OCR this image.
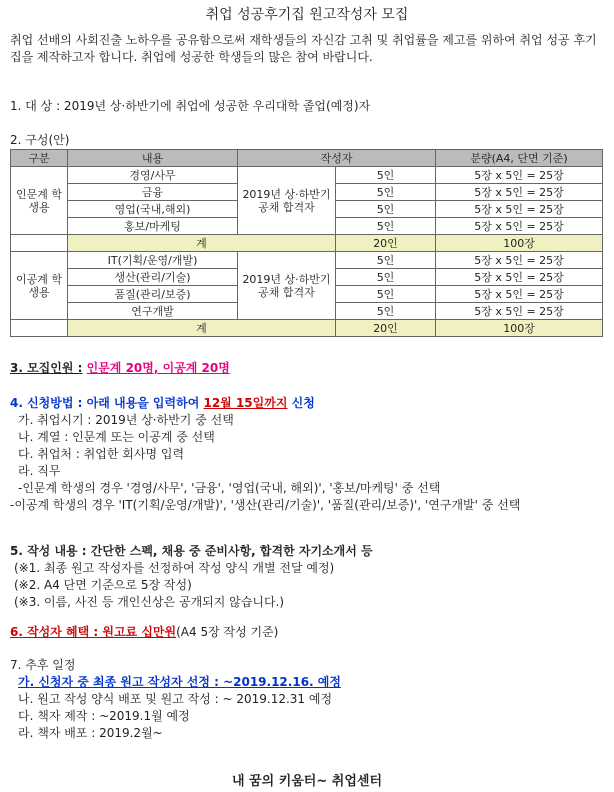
취업 성공후기집 원고작성자 모집
취업 선배의 사회진출 노하우를 공유함으로써 재학생들의 자신감 고취 및 취업률을 제고를 위하여 취업 성공 후기집을 제작하고자 합니다. 취업에 성공한 학생들의 많은 참여 바랍니다.
1. 대 상 : 2019년 상·하반기에 취업에 성공한 우리대학 졸업(예정)자
2. 구성(안)
구분	내용	작성자		분량(A4, 단면 기준)
인문계 학생용	경영/사무	2019년 상·하반기 공채 합격자	5인	5장 x 5인 = 25장
	금융		5인	5장 x 5인 = 25장
	영업(국내,해외)		5인	5장 x 5인 = 25장
	홍보/마케팅		5인	5장 x 5인 = 25장
	계		20인	100장
이공계 학생용	IT(기획/운영/개발)	2019년 상·하반기 공채 합격자	5인	5장 x 5인 = 25장
	생산(관리/기술)		5인	5장 x 5인 = 25장
	품질(관리/보증)		5인	5장 x 5인 = 25장
	연구개발		5인	5장 x 5인 = 25장
	계		20인	100장
3. 모집인원 : 인문계 20명, 이공계 20명
4. 신청방법 : 아래 내용을 입력하여 12월 15일까지 신청
가. 취업시기 : 2019년 상·하반기 중 선택
나. 계열 : 인문계 또는 이공계 중 선택
다. 취업처 : 취업한 회사명 입력
라. 직무
-인문계 학생의 경우 '경영/사무', '금융', '영업(국내, 해외)', '홍보/마케팅' 중 선택
-이공계 학생의 경우 'IT(기획/운영/개발)', '생산(관리/기술)', '품질(관리/보증)', '연구개발' 중 선택
5. 작성 내용 : 간단한 스펙, 채용 중 준비사항, 합격한 자기소개서 등
(※1. 최종 원고 작성자를 선정하여 작성 양식 개별 전달 예정)
(※2. A4 단면 기준으로 5장 작성)
(※3. 이름, 사진 등 개인신상은 공개되지 않습니다.)
6. 작성자 혜택 : 원고료 십만원(A4 5장 작성 기준)
7. 추후 일정
가. 신청자 중 최종 원고 작성자 선정 : ~2019.12.16. 예정
나. 원고 작성 양식 배포 및 원고 작성 : ~ 2019.12.31 예정
다. 책자 제작 : ~2019.1월 예정
라. 책자 배포 : 2019.2월~
내 꿈의 키움터~ 취업센터
